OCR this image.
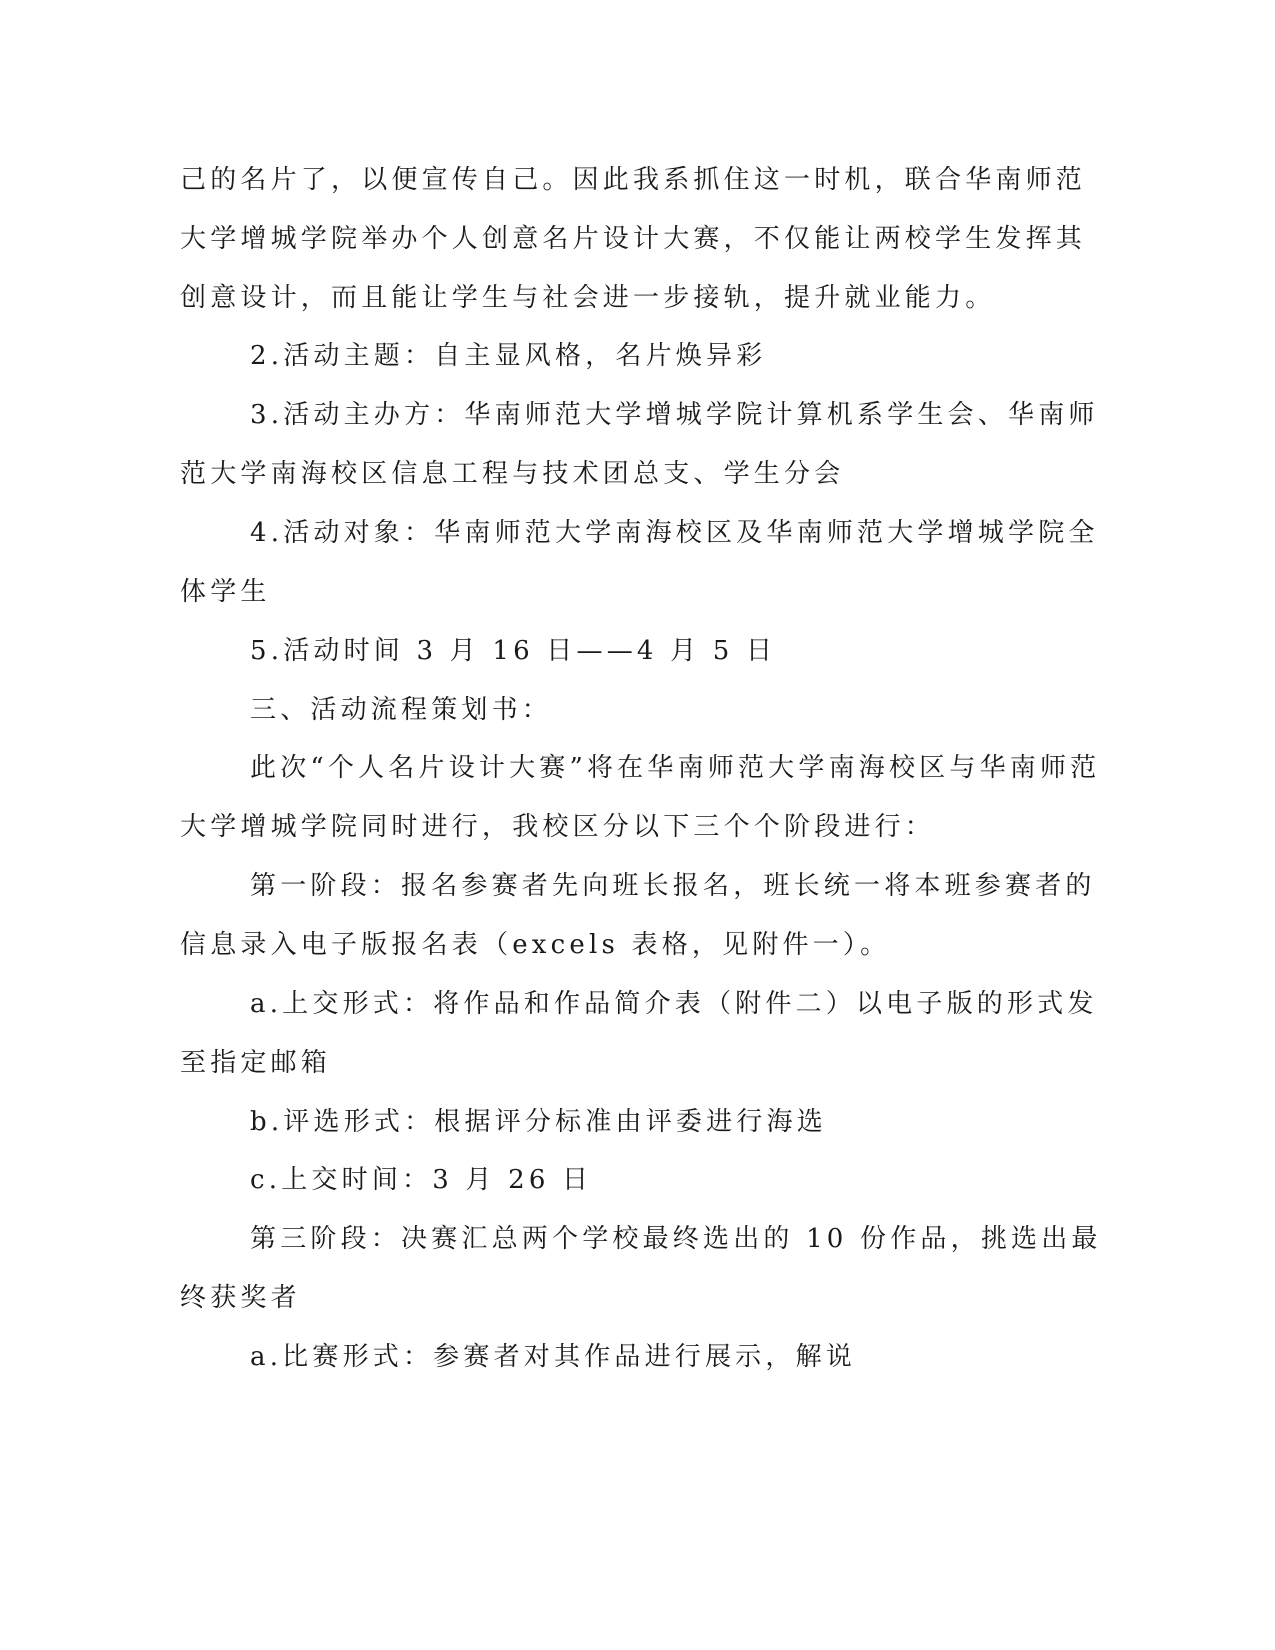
己的名片了，以便宣传自己。因此我系抓住这一时机，联合华南师范
大学增城学院举办个人创意名片设计大赛，不仅能让两校学生发挥其
创意设计，而且能让学生与社会进一步接轨，提升就业能力。
2.活动主题：自主显风格，名片焕异彩
3.活动主办方：华南师范大学增城学院计算机系学生会、华南师
范大学南海校区信息工程与技术团总支、学生分会
4.活动对象：华南师范大学南海校区及华南师范大学增城学院全
体学生
5.活动时间 3 月 16 日——4 月 5 日
三、活动流程策划书：
此次“个人名片设计大赛”将在华南师范大学南海校区与华南师范
大学增城学院同时进行，我校区分以下三个个阶段进行：
第一阶段：报名参赛者先向班长报名，班长统一将本班参赛者的
信息录入电子版报名表（excels 表格，见附件一）。
a.上交形式：将作品和作品简介表（附件二）以电子版的形式发
至指定邮箱
b.评选形式：根据评分标准由评委进行海选
c.上交时间：3 月 26 日
第三阶段：决赛汇总两个学校最终选出的 10 份作品，挑选出最
终获奖者
a.比赛形式：参赛者对其作品进行展示，解说
